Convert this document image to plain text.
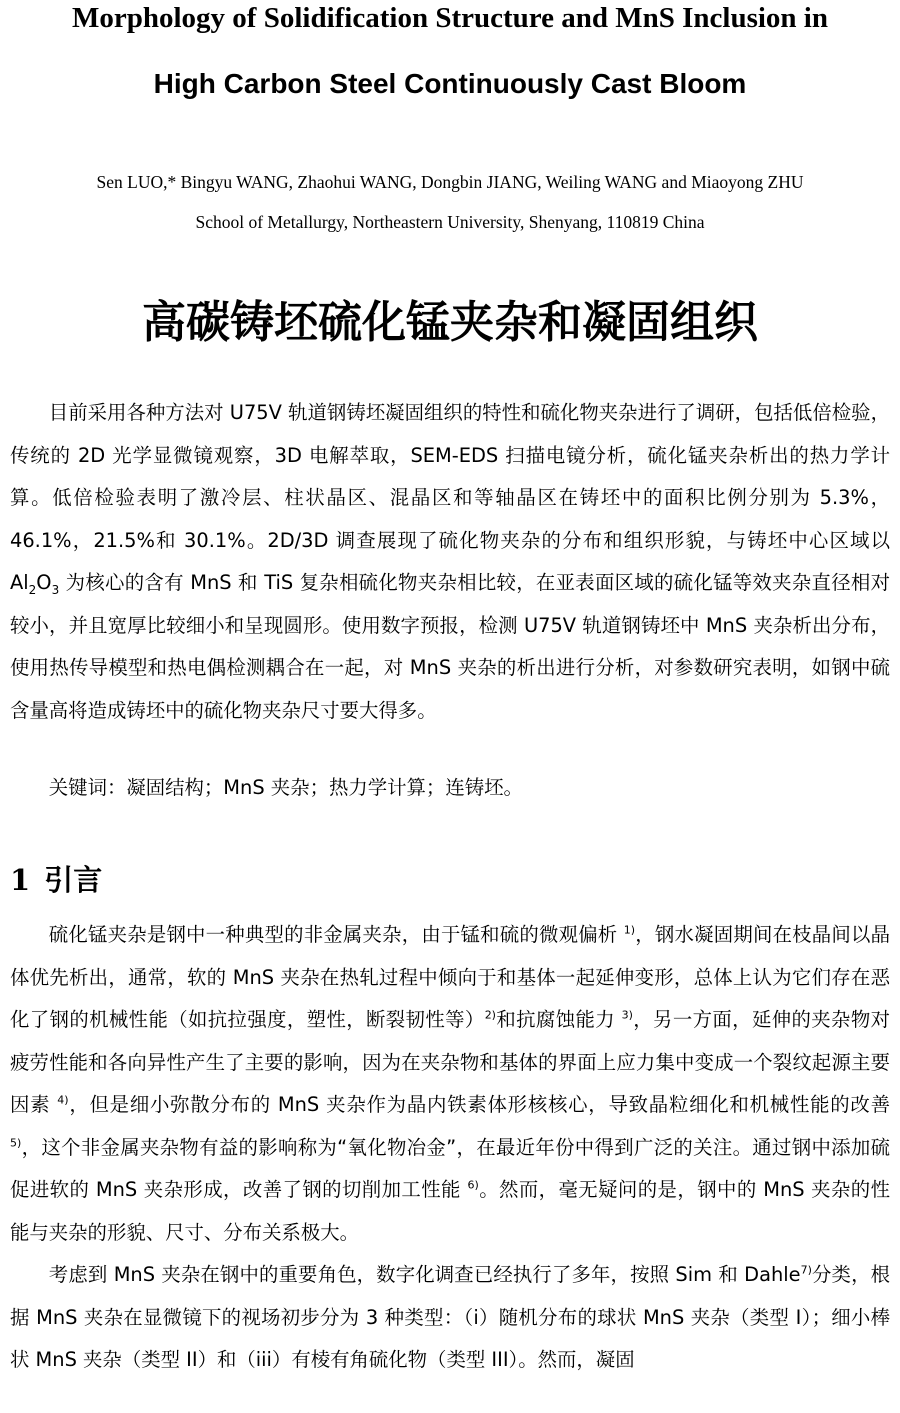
Morphology of Solidification Structure and MnS Inclusion in
High Carbon Steel Continuously Cast Bloom
Sen LUO,* Bingyu WANG, Zhaohui WANG, Dongbin JIANG, Weiling WANG and Miaoyong ZHU
School of Metallurgy, Northeastern University, Shenyang, 110819 China
高碳铸坯硫化锰夹杂和凝固组织

目前采用各种方法对 U75V 轨道钢铸坯凝固组织的特性和硫化物夹杂进行了调研，包括低倍检验，传统的 2D 光学显微镜观察，3D 电解萃取，SEM-EDS 扫描电镜分析，硫化锰夹杂析出的热力学计算。低倍检验表明了激冷层、柱状晶区、混晶区和等轴晶区在铸坯中的面积比例分别为 5.3%，46.1%，21.5%和 30.1%。2D/3D 调查展现了硫化物夹杂的分布和组织形貌，与铸坯中心区域以 $Al_2O_3$ 为核心的含有 MnS 和 TiS 复杂相硫化物夹杂相比较，在亚表面区域的硫化锰等效夹杂直径相对较小，并且宽厚比较细小和呈现圆形。使用数字预报，检测 U75V 轨道钢铸坯中 MnS 夹杂析出分布，使用热传导模型和热电偶检测耦合在一起，对 MnS 夹杂的析出进行分析，对参数研究表明，如钢中硫含量高将造成铸坯中的硫化物夹杂尺寸要大得多。

关键词：凝固结构；MnS 夹杂；热力学计算；连铸坯。
1 引言

硫化锰夹杂是钢中一种典型的非金属夹杂，由于锰和硫的微观偏析 $^{1)}$，钢水凝固期间在枝晶间以晶体优先析出，通常，软的 MnS 夹杂在热轧过程中倾向于和基体一起延伸变形，总体上认为它们存在恶化了钢的机械性能（如抗拉强度，塑性，断裂韧性等）$^{2)}$和抗腐蚀能力 $^{3)}$，另一方面，延伸的夹杂物对疲劳性能和各向异性产生了主要的影响，因为在夹杂物和基体的界面上应力集中变成一个裂纹起源主要因素 $^{4)}$，但是细小弥散分布的 MnS 夹杂作为晶内铁素体形核核心，导致晶粒细化和机械性能的改善 $^{5)}$，这个非金属夹杂物有益的影响称为“氧化物冶金”，在最近年份中得到广泛的关注。通过钢中添加硫促进软的 MnS 夹杂形成，改善了钢的切削加工性能 $^{6)}$。然而，毫无疑问的是，钢中的 MnS 夹杂的性能与夹杂的形貌、尺寸、分布关系极大。

考虑到 MnS 夹杂在钢中的重要角色，数字化调查已经执行了多年，按照 Sim 和 Dahle$^{7)}$分类，根据 MnS 夹杂在显微镜下的视场初步分为 3 种类型：（i）随机分布的球状 MnS 夹杂（类型 I）；细小棒状 MnS 夹杂（类型 II）和（iii）有棱有角硫化物（类型 III）。然而，凝固
